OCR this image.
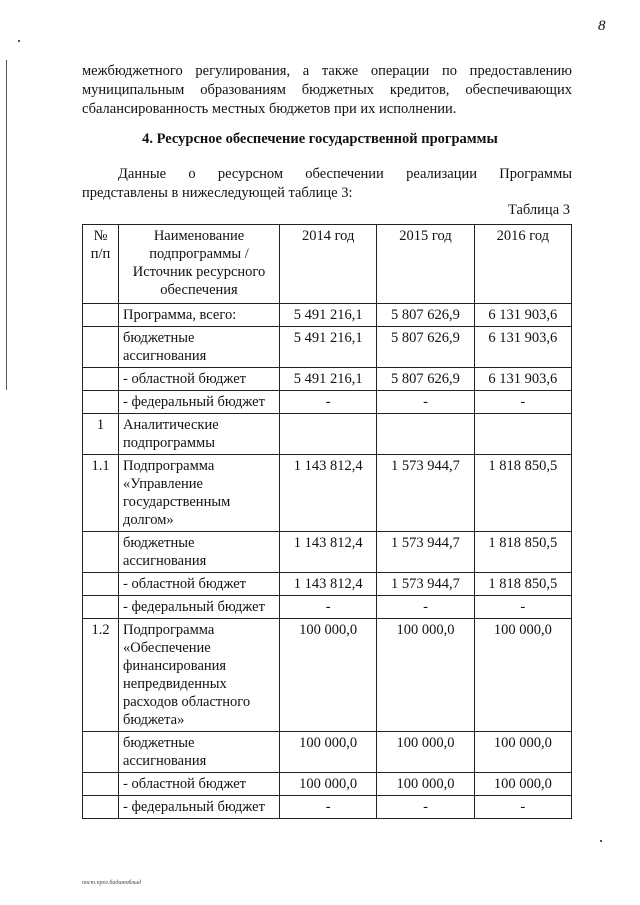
8
межбюджетного регулирования, а также операции по предоставлению
муниципальным образованиям бюджетных кредитов, обеспечивающих
сбалансированность местных бюджетов при их исполнении.
4. Ресурсное обеспечение государственной программы
Данные о ресурсном обеспечении реализации Программы
представлены в нижеследующей таблице 3:
Таблица 3
№ п/п	Наименование подпрограммы / Источник ресурсного обеспечения	2014 год	2015 год	2016 год
	Программа, всего:	5 491 216,1	5 807 626,9	6 131 903,6
	бюджетные ассигнования	5 491 216,1	5 807 626,9	6 131 903,6
	- областной бюджет	5 491 216,1	5 807 626,9	6 131 903,6
	- федеральный бюджет	-	-	-
1	Аналитические подпрограммы			
1.1	Подпрограмма «Управление государственным долгом»	1 143 812,4	1 573 944,7	1 818 850,5
	бюджетные ассигнования	1 143 812,4	1 573 944,7	1 818 850,5
	- областной бюджет	1 143 812,4	1 573 944,7	1 818 850,5
	- федеральный бюджет	-	-	-
1.2	Подпрограмма «Обеспечение финансирования непредвиденных расходов областного бюджета»	100 000,0	100 000,0	100 000,0
	бюджетные ассигнования	100 000,0	100 000,0	100 000,0
	- областной бюджет	100 000,0	100 000,0	100 000,0
	- федеральный бюджет	-	-	-
пост.прог.бадинюблыд
